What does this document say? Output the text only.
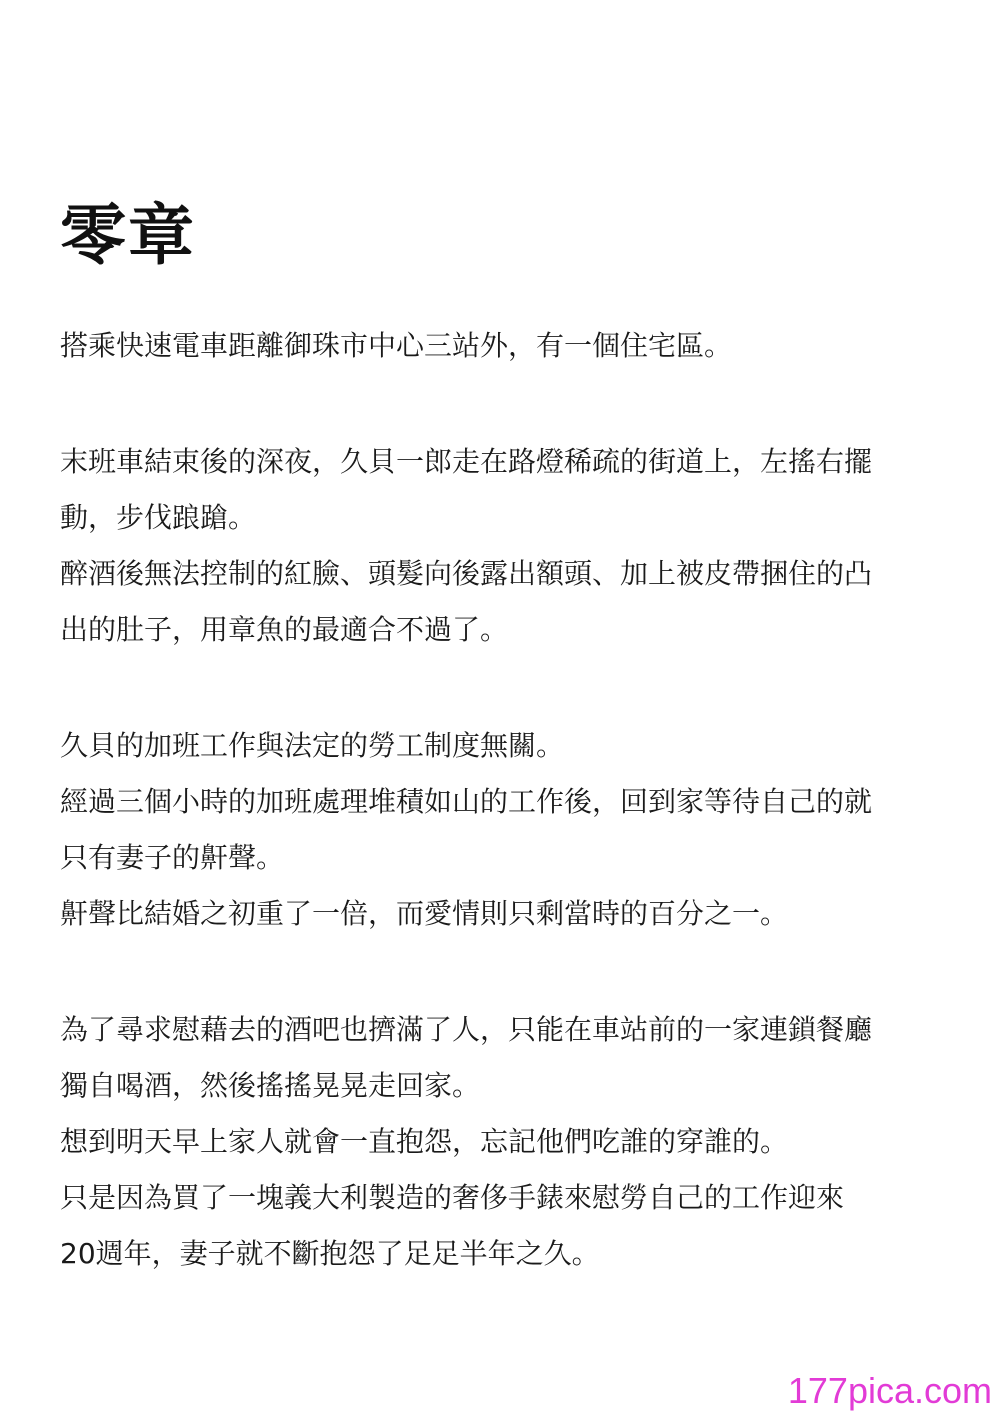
零章
搭乘快速電車距離御珠市中心三站外，有一個住宅區。
末班車結束後的深夜，久貝一郎走在路燈稀疏的街道上，左搖右擺
動，步伐踉蹌。
醉酒後無法控制的紅臉、頭髮向後露出額頭、加上被皮帶捆住的凸
出的肚子，用章魚的最適合不過了。
久貝的加班工作與法定的勞工制度無關。
經過三個小時的加班處理堆積如山的工作後，回到家等待自己的就
只有妻子的鼾聲。
鼾聲比結婚之初重了一倍，而愛情則只剩當時的百分之一。
為了尋求慰藉去的酒吧也擠滿了人，只能在車站前的一家連鎖餐廳
獨自喝酒，然後搖搖晃晃走回家。
想到明天早上家人就會一直抱怨，忘記他們吃誰的穿誰的。
只是因為買了一塊義大利製造的奢侈手錶來慰勞自己的工作迎來
20週年，妻子就不斷抱怨了足足半年之久。
177pica.com
